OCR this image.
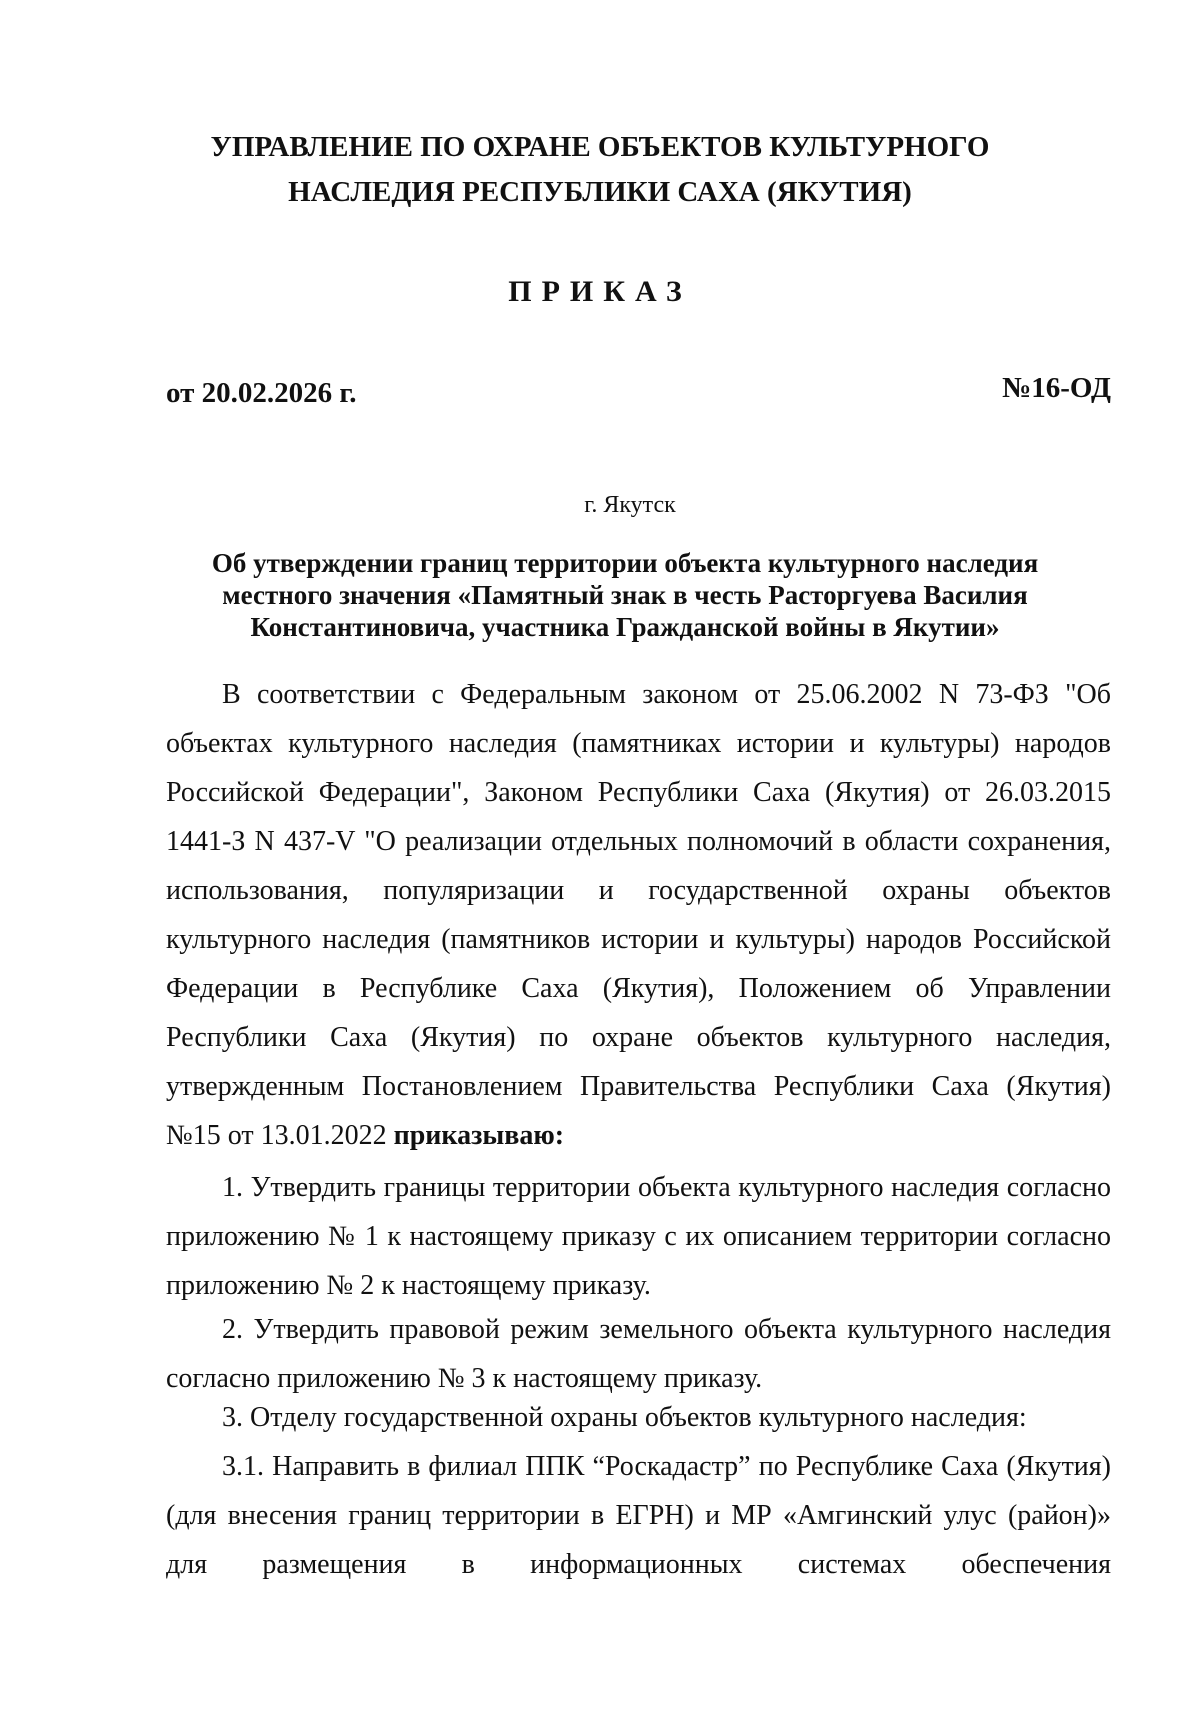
УПРАВЛЕНИЕ ПО ОХРАНЕ ОБЪЕКТОВ КУЛЬТУРНОГО
НАСЛЕДИЯ РЕСПУБЛИКИ САХА (ЯКУТИЯ)
ПРИКАЗ
от 20.02.2026 г.	№16-ОД
г. Якутск
Об утверждении границ территории объекта культурного наследия
местного значения «Памятный знак в честь Расторгуева Василия
Константиновича, участника Гражданской войны в Якутии»

В соответствии с Федеральным законом от 25.06.2002 N 73-ФЗ "Об объектах культурного наследия (памятниках истории и культуры) народов Российской Федерации", Законом Республики Саха (Якутия) от 26.03.2015 1441-З N 437-V "О реализации отдельных полномочий в области сохранения, использования, популяризации и государственной охраны объектов культурного наследия (памятников истории и культуры) народов Российской Федерации в Республике Саха (Якутия), Положением об Управлении Республики Саха (Якутия) по охране объектов культурного наследия, утвержденным Постановлением Правительства Республики Саха (Якутия) №15 от 13.01.2022 приказываю:

1. Утвердить границы территории объекта культурного наследия согласно приложению № 1 к настоящему приказу с их описанием территории согласно приложению № 2 к настоящему приказу.

2. Утвердить правовой режим земельного объекта культурного наследия согласно приложению № 3 к настоящему приказу.

3. Отделу государственной охраны объектов культурного наследия:

3.1. Направить в филиал ППК “Роскадастр” по Республике Саха (Якутия) (для внесения границ территории в ЕГРН) и МР «Амгинский улус (район)» для размещения в информационных системах обеспечения
